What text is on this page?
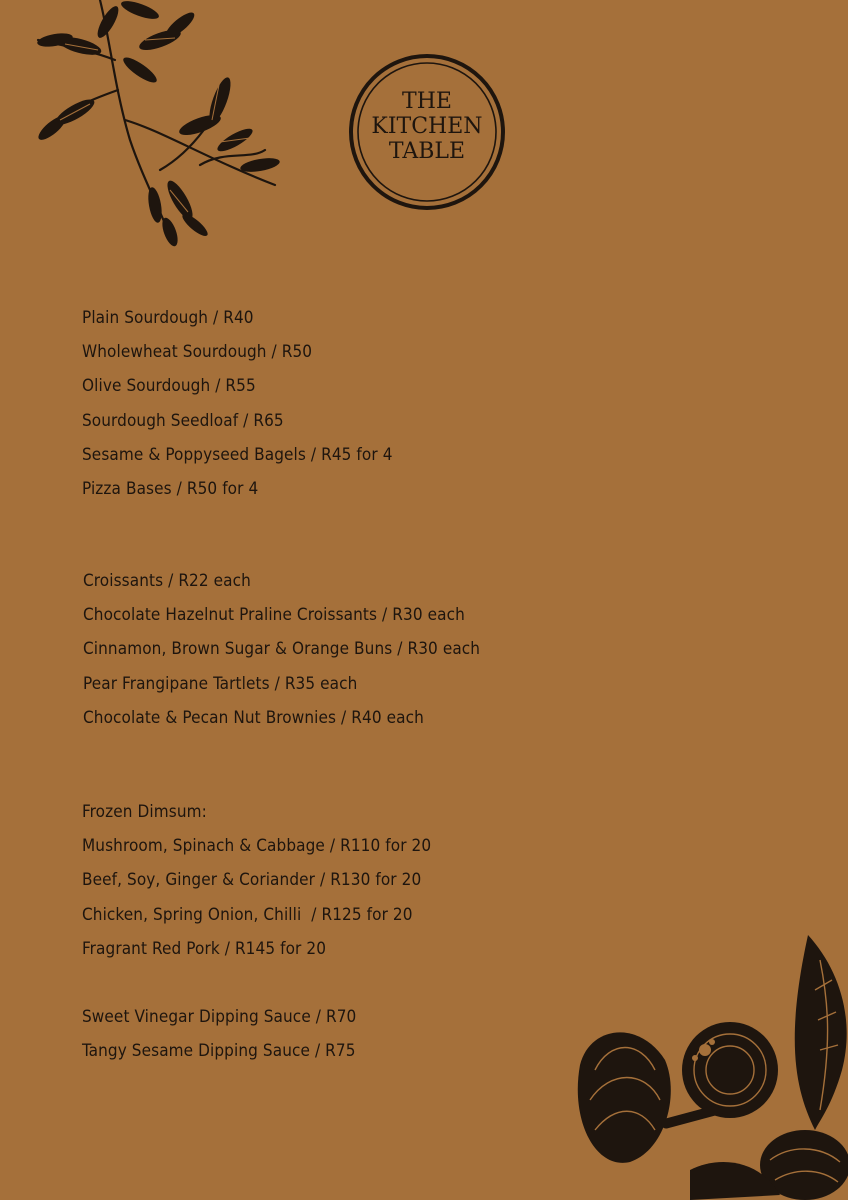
THE
KITCHEN
TABLE
Plain Sourdough / R40
Wholewheat Sourdough / R50
Olive Sourdough / R55
Sourdough Seedloaf / R65
Sesame & Poppyseed Bagels / R45 for 4
Pizza Bases / R50 for 4
Croissants / R22 each
Chocolate Hazelnut Praline Croissants / R30 each
Cinnamon, Brown Sugar & Orange Buns / R30 each
Pear Frangipane Tartlets / R35 each
Chocolate & Pecan Nut Brownies / R40 each
Frozen Dimsum:
Mushroom, Spinach & Cabbage / R110 for 20
Beef, Soy, Ginger & Coriander / R130 for 20
Chicken, Spring Onion, Chilli  / R125 for 20
Fragrant Red Pork / R145 for 20
Sweet Vinegar Dipping Sauce / R70
Tangy Sesame Dipping Sauce / R75
